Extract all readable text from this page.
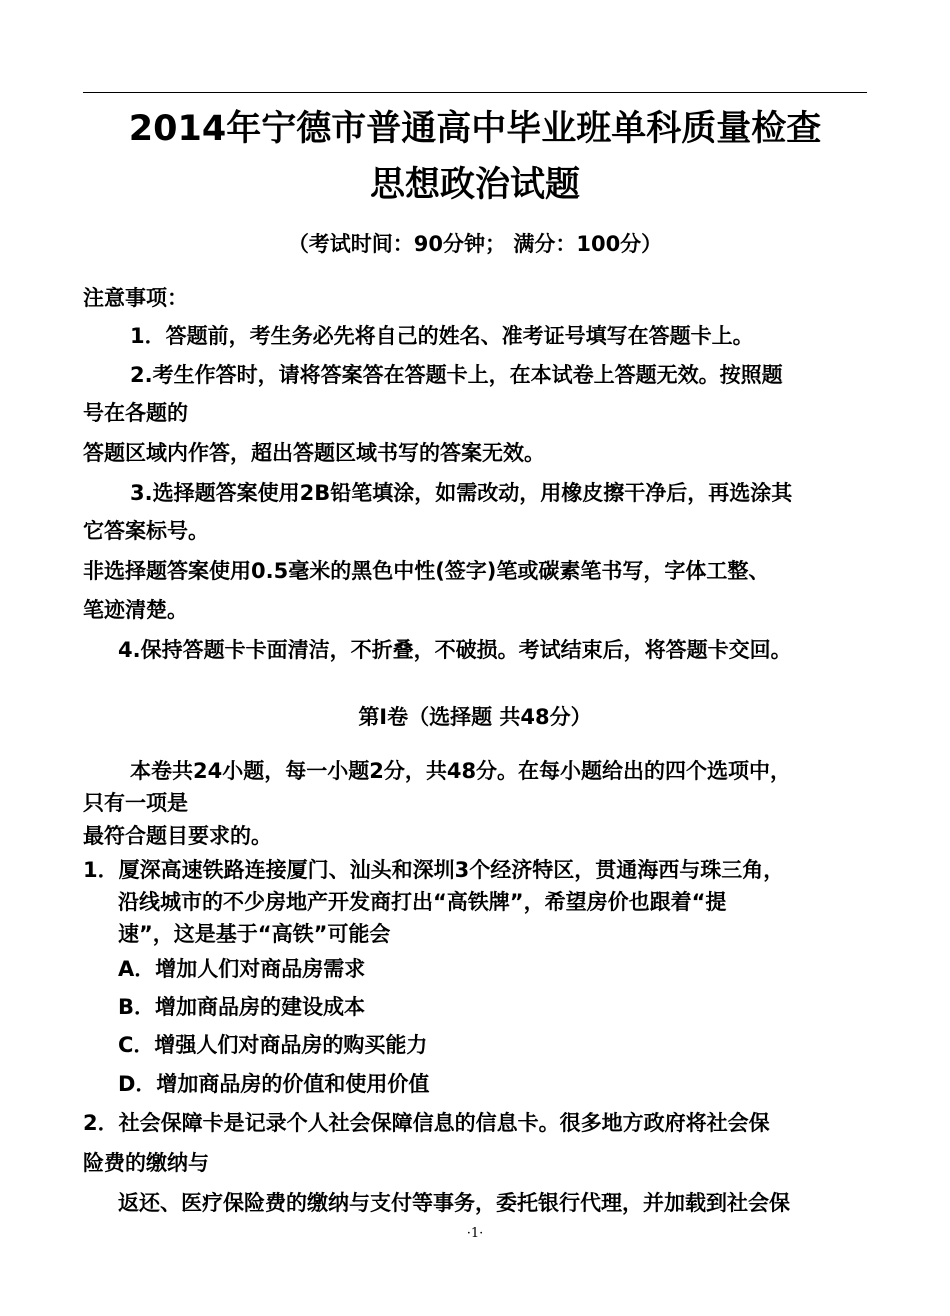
2014年宁德市普通高中毕业班单科质量检查
思想政治试题
（考试时间：90分钟； 满分：100分）
注意事项：
1．答题前，考生务必先将自己的姓名、准考证号填写在答题卡上。
2.考生作答时，请将答案答在答题卡上，在本试卷上答题无效。按照题
号在各题的
答题区域内作答，超出答题区域书写的答案无效。
3.选择题答案使用2B铅笔填涂，如需改动，用橡皮擦干净后，再选涂其
它答案标号。
非选择题答案使用0.5毫米的黑色中性(签字)笔或碳素笔书写，字体工整、
笔迹清楚。
4.保持答题卡卡面清洁，不折叠，不破损。考试结束后，将答题卡交回。
第Ⅰ卷（选择题 共48分）
本卷共24小题，每一小题2分，共48分。在每小题给出的四个选项中，
只有一项是
最符合题目要求的。
1．厦深高速铁路连接厦门、汕头和深圳3个经济特区，贯通海西与珠三角，
沿线城市的不少房地产开发商打出“高铁牌”，希望房价也跟着“提
速”，这是基于“高铁”可能会
A．增加人们对商品房需求
B．增加商品房的建设成本
C．增强人们对商品房的购买能力
D．增加商品房的价值和使用价值
2．社会保障卡是记录个人社会保障信息的信息卡。很多地方政府将社会保
险费的缴纳与
返还、医疗保险费的缴纳与支付等事务，委托银行代理，并加载到社会保
·1·
